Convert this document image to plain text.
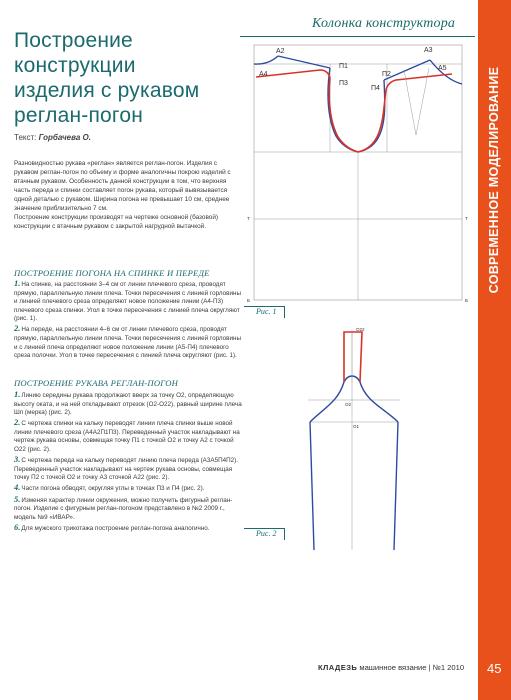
СОВРЕМЕННОЕ МОДЕЛИРОВАНИЕ
Колонка конструктора
Построение
конструкции
изделия с рукавом
реглан-погон
Текст: Горбачева О.

Разновидностью рукава «реглан» является реглан-погон. Изделия с рукавом реглан-погон по объему и форме аналогичны покрою изделий с втачным рукавом. Особенность данной конструкции в том, что верхняя часть переда и спинки составляет погон рукава, который вывязывается одной деталью с рукавом. Ширина погона не превышает 10 см, среднее значение приблизительно 7 см.

Построение конструкции производят на чертеже основной (базовой) конструкции с втачным рукавом с закрытой нагрудной вытачкой.

ПОСТРОЕНИЕ ПОГОНА НА СПИНКЕ И ПЕРЕДЕ

1.На спинке, на расстоянии 3–4 см от линии плечевого среза, проводят прямую, параллельную линии плеча. Точки пересечения с линией горловины и линией плечевого среза определяют новое положение линии (А4-П3) плечевого среза спинки. Угол в точке пересечения с линией плеча округляют (рис. 1).

2.На переде, на расстоянии 4–6 см от линии плечевого среза, проводят прямую, параллельную линии плеча. Точки пересечения с линией горловины и с линией плеча определяют новое положение линии (А5-П4) плечевого среза полочки. Угол в точке пересечения с линией плеча округляют (рис. 1).

ПОСТРОЕНИЕ РУКАВА РЕГЛАН-ПОГОН

1.Линию середины рукава продолжают вверх за точку О2, определяющую высоту оката, и на ней откладывают отрезок (О2-О22), равный ширине плеча Шп (мерка) (рис. 2).

2.С чертежа спинки на кальку переводят линии плеча спинки выше новой линии плечевого среза (А4А2П1П3). Переведенный участок накладывают на чертеж рукава основы, совмещая точку П1 с точкой О2 и точку А2 с точкой О22 (рис. 2).

3.С чертежа переда на кальку переводят линию плеча переда (А3А5П4П2). Переведенный участок накладывают на чертеж рукава основы, совмещая точку П2 с точкой О2 и точку А3 сточкой А22 (рис. 2).

4.Части погона обводят, округляя углы в точках П3 и П4 (рис. 2).

5.Изменяя характер линии окружения, можно получить фигурный реглан-погон. Изделие с фигурным реглан-погоном представлено в №2 2009 г., модель №9 «ИВАР».

6.Для мужского трикотажа построение реглан-погона аналогично.

А2
А4
П1
П3
А3
А5
П2
П4
Т	Т
Б	Б
Рис. 1
О22
О2
О1
Рис. 2
КЛАДЕЗЬ машинное вязание | №1 2010 45
